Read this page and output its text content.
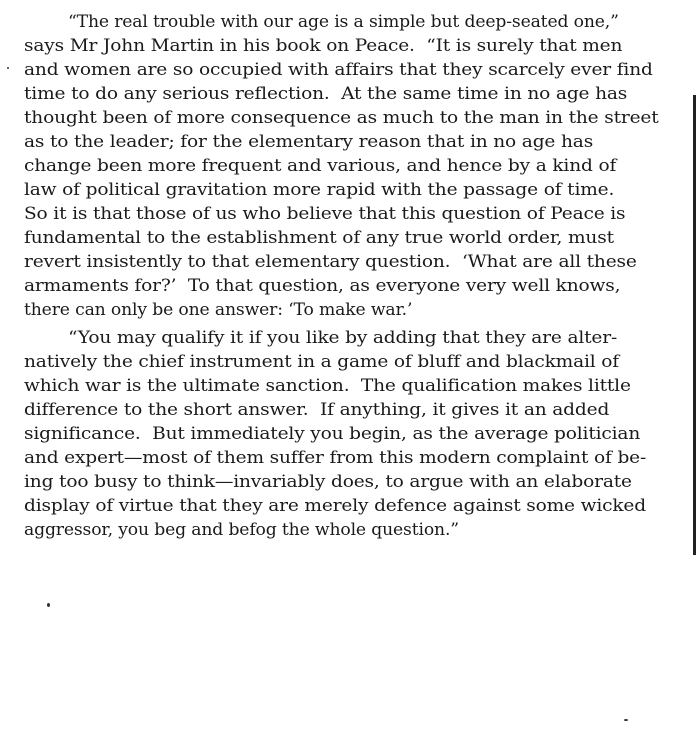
“The real trouble with our age is a simple but deep-seated one,”
says Mr John Martin in his book on Peace.  “It is surely that men
and women are so occupied with affairs that they scarcely ever find
time to do any serious reflection.  At the same time in no age has
thought been of more consequence as much to the man in the street
as to the leader; for the elementary reason that in no age has
change been more frequent and various, and hence by a kind of
law of political gravitation more rapid with the passage of time.
So it is that those of us who believe that this question of Peace is
fundamental to the establishment of any true world order, must
revert insistently to that elementary question.  ‘What are all these
armaments for?’  To that question, as everyone very well knows,
there can only be one answer: ‘To make war.’
“You may qualify it if you like by adding that they are alter-
natively the chief instrument in a game of bluff and blackmail of
which war is the ultimate sanction.  The qualification makes little
difference to the short answer.  If anything, it gives it an added
significance.  But immediately you begin, as the average politician
and expert—most of them suffer from this modern complaint of be-
ing too busy to think—invariably does, to argue with an elaborate
display of virtue that they are merely defence against some wicked
aggressor, you beg and befog the whole question.”
